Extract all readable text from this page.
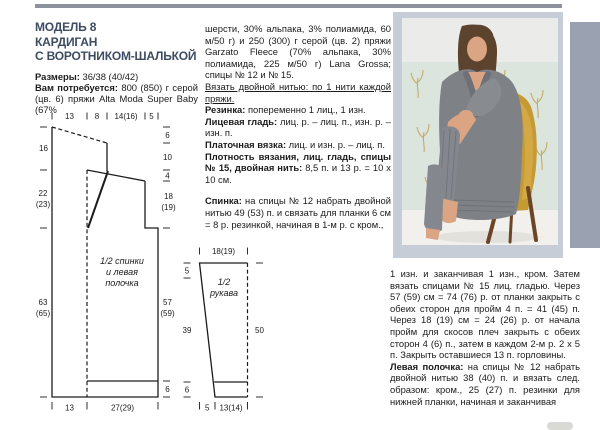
МОДЕЛЬ 8
КАРДИГАН
С ВОРОТНИКОМ-ШАЛЬКОЙ
Размеры: 36/38 (40/42)
Вам потребуется: 800 (850) г серой (цв. 6) пряжи Alta Moda Super Baby (67%

шерсти, 30% альпака, 3% полиамида, 60 м/50 г) и 250 (300) г серой (цв. 2) пряжи Garzato Fleece (70% альпака, 30% полиамида, 225 м/50 г) Lana Grossa; спицы № 12 и № 15.

Вязать двойной нитью: по 1 нити каждой пряжи.

Резинка: попеременно 1 лиц., 1 изн.

Лицевая гладь: лиц. р. – лиц. п., изн. р. – изн. п.

Платочная вязка: лиц. и изн. р. – лиц. п.

Плотность вязания, лиц. гладь, спицы № 15, двойная нить: 8,5 п. и 13 р. = 10 х 10 см.

Спинка: на спицы № 12 набрать двойной нитью 49 (53) п. и связать для планки 6 см = 8 р. резинкой, начиная в 1-м р. с кром.,

1 изн. и заканчивая 1 изн., кром. Затем вязать спицами № 15 лиц. гладью. Через 57 (59) см = 74 (76) р. от планки закрыть с обеих сторон для пройм 4 п. = 41 (45) п. Через 18 (19) см = 24 (26) р. от начала пройм для скосов плеч закрыть с обеих сторон 4 (6) п., затем в каждом 2-м р. 2 x 5 п. Закрыть оставшиеся 13 п. горловины.

Левая полочка: на спицы № 12 набрать двойной нитью 38 (40) п. и вязать след. образом: кром., 25 (27) п. резинки для нижней планки, начиная и заканчивая

13	8 14(16) 5
16
22
(23)
63
(65)
6
10
4
18
(19)
57
(59)
6
13	27(29)
1/2 спинки
и левая
полочка
18(19)
5
39
6
50
5 13(14)
1/2
рукава
